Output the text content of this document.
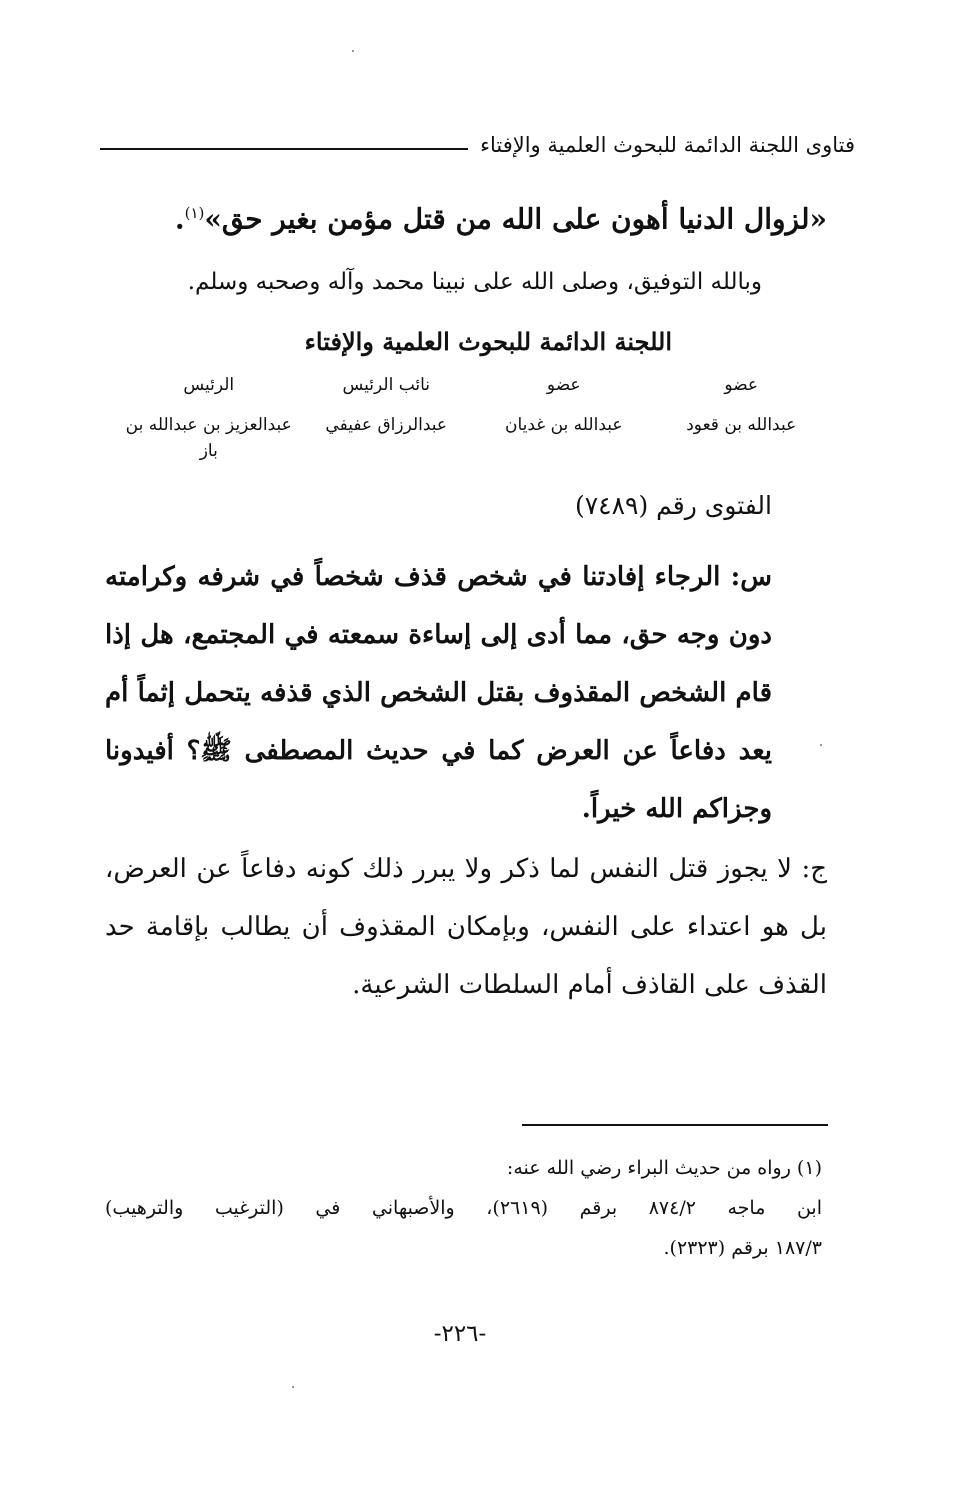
فتاوى اللجنة الدائمة للبحوث العلمية والإفتاء
«لزوال الدنيا أهون على الله من قتل مؤمن بغير حق»$^{(١)}$.
وبالله التوفيق، وصلى الله على نبينا محمد وآله وصحبه وسلم.
اللجنة الدائمة للبحوث العلمية والإفتاء
عضو
عضو
نائب الرئيس
الرئيس
عبدالله بن قعود
عبدالله بن غديان
عبدالرزاق عفيفي
عبدالعزيز بن عبدالله بن باز
الفتوى رقم (٧٤٨٩)
س: الرجاء إفادتنا في شخص قذف شخصاً في شرفه وكرامته دون وجه حق، مما أدى إلى إساءة سمعته في المجتمع، هل إذا قام الشخص المقذوف بقتل الشخص الذي قذفه يتحمل إثماً أم يعد دفاعاً عن العرض كما في حديث المصطفى ﷺ؟ أفيدونا وجزاكم الله خيراً.
ج: لا يجوز قتل النفس لما ذكر ولا يبرر ذلك كونه دفاعاً عن العرض، بل هو اعتداء على النفس، وبإمكان المقذوف أن يطالب بإقامة حد القذف على القاذف أمام السلطات الشرعية.

(١) رواه من حديث البراء رضي الله عنه:

ابن ماجه ٨٧٤/٢ برقم (٢٦١٩)، والأصبهاني في (الترغيب والترهيب)

١٨٧/٣ برقم (٢٣٢٣).

-٢٢٦-
